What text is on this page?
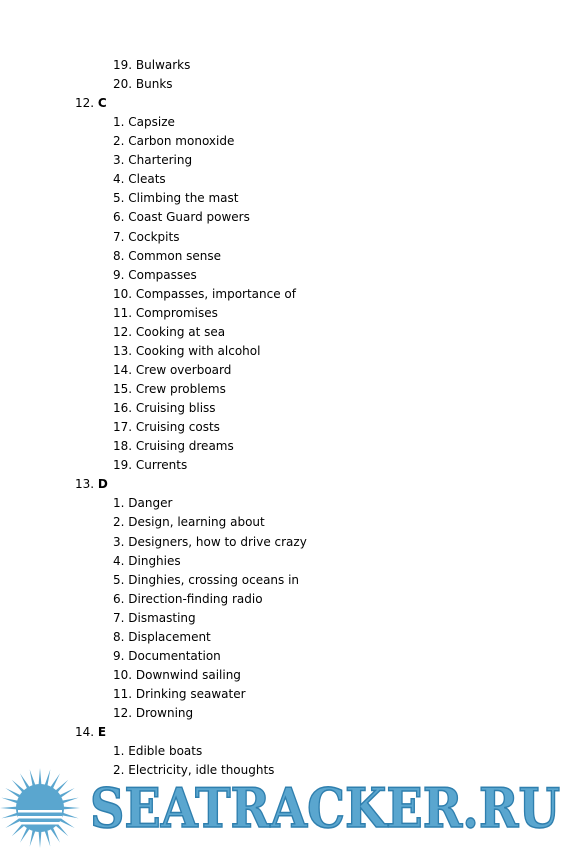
19. Bulwarks
20. Bunks
12. C
1. Capsize
2. Carbon monoxide
3. Chartering
4. Cleats
5. Climbing the mast
6. Coast Guard powers
7. Cockpits
8. Common sense
9. Compasses
10. Compasses, importance of
11. Compromises
12. Cooking at sea
13. Cooking with alcohol
14. Crew overboard
15. Crew problems
16. Cruising bliss
17. Cruising costs
18. Cruising dreams
19. Currents
13. D
1. Danger
2. Design, learning about
3. Designers, how to drive crazy
4. Dinghies
5. Dinghies, crossing oceans in
6. Direction-finding radio
7. Dismasting
8. Displacement
9. Documentation
10. Downwind sailing
11. Drinking seawater
12. Drowning
14. E
1. Edible boats
2. Electricity, idle thoughts
SEATRACKER.RU
